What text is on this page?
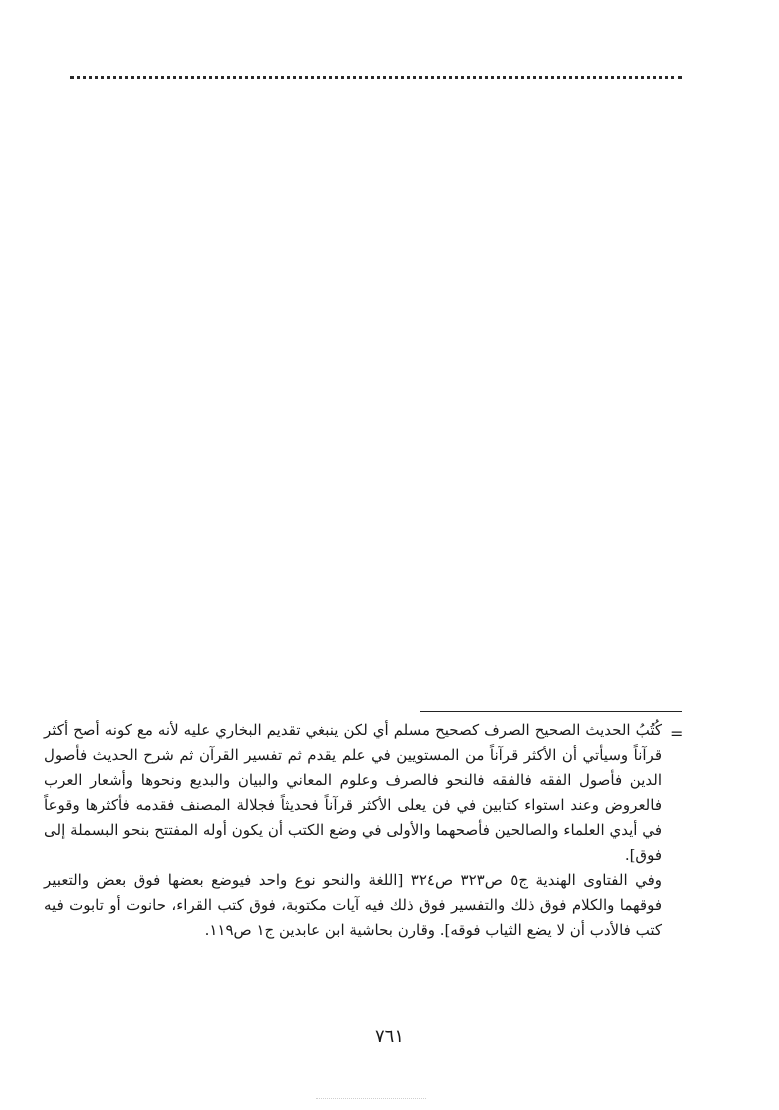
=

كُتُبُ الحديث الصحيح الصرف كصحيح مسلم أي لكن ينبغي تقديم البخاري عليه لأنه مع كونه أصح أكثر قرآناً وسيأتي أن الأكثر قرآناً من المستويين في علم يقدم ثم تفسير القرآن ثم شرح الحديث فأصول الدين فأصول الفقه فالفقه فالنحو فالصرف وعلوم المعاني والبيان والبديع ونحوها وأشعار العرب فالعروض وعند استواء كتابين في فن يعلى الأكثر قرآناً فحديثاً فجلالة المصنف فقدمه فأكثرها وقوعاً في أيدي العلماء والصالحين فأصحهما والأولى في وضع الكتب أن يكون أوله المفتتح بنحو البسملة إلى فوق].

وفي الفتاوى الهندية ج٥ ص٣٢٣ ص٣٢٤ [اللغة والنحو نوع واحد فيوضع بعضها فوق بعض والتعبير فوقهما والكلام فوق ذلك والتفسير فوق ذلك فيه آيات مكتوبة، فوق كتب القراء، حانوت أو تابوت فيه كتب فالأدب أن لا يضع الثياب فوقه]. وقارن بحاشية ابن عابدين ج١ ص١١٩.

٧٦١
